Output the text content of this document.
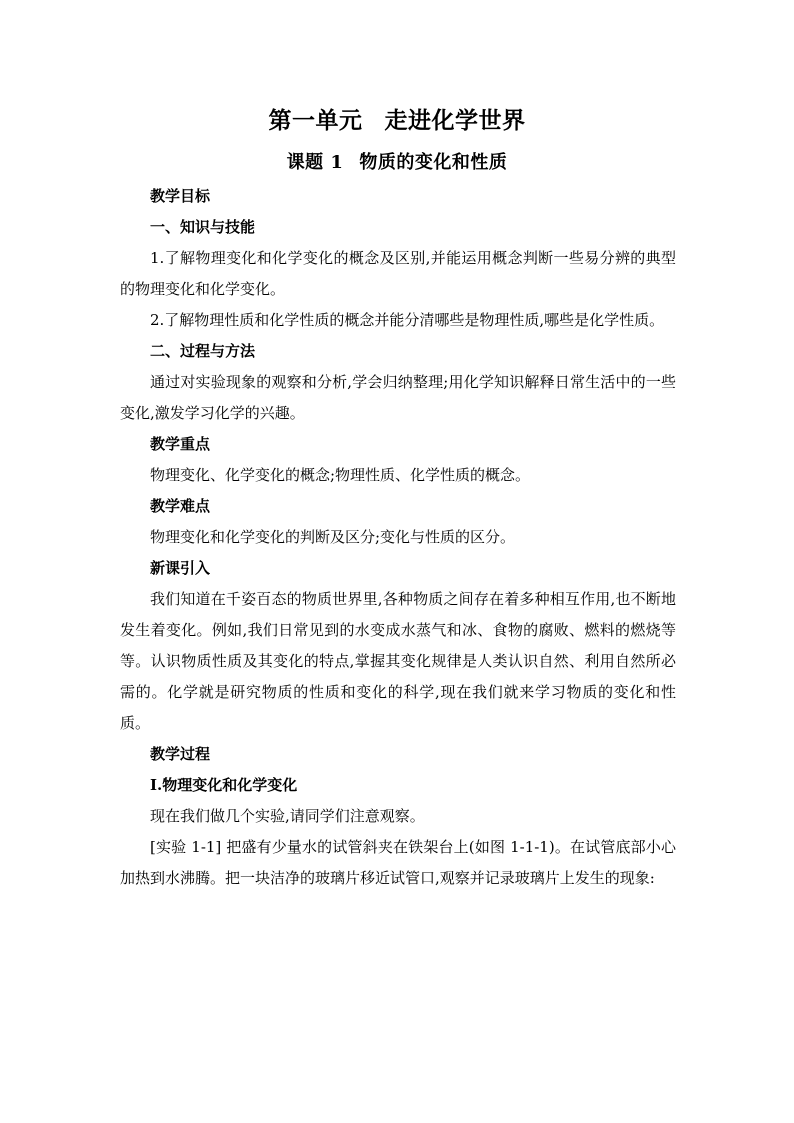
第一单元 走进化学世界
课题 1 物质的变化和性质

教学目标

一、知识与技能

1.了解物理变化和化学变化的概念及区别,并能运用概念判断一些易分辨的典型的物理变化和化学变化。

2.了解物理性质和化学性质的概念并能分清哪些是物理性质,哪些是化学性质。

二、过程与方法

通过对实验现象的观察和分析,学会归纳整理;用化学知识解释日常生活中的一些变化,激发学习化学的兴趣。

教学重点

物理变化、化学变化的概念;物理性质、化学性质的概念。

教学难点

物理变化和化学变化的判断及区分;变化与性质的区分。

新课引入

我们知道在千姿百态的物质世界里,各种物质之间存在着多种相互作用,也不断地发生着变化。例如,我们日常见到的水变成水蒸气和冰、食物的腐败、燃料的燃烧等等。认识物质性质及其变化的特点,掌握其变化规律是人类认识自然、利用自然所必需的。化学就是研究物质的性质和变化的科学,现在我们就来学习物质的变化和性质。

教学过程

Ⅰ.物理变化和化学变化

现在我们做几个实验,请同学们注意观察。

[实验 1-1] 把盛有少量水的试管斜夹在铁架台上(如图 1-1-1)。在试管底部小心加热到水沸腾。把一块洁净的玻璃片移近试管口,观察并记录玻璃片上发生的现象:
